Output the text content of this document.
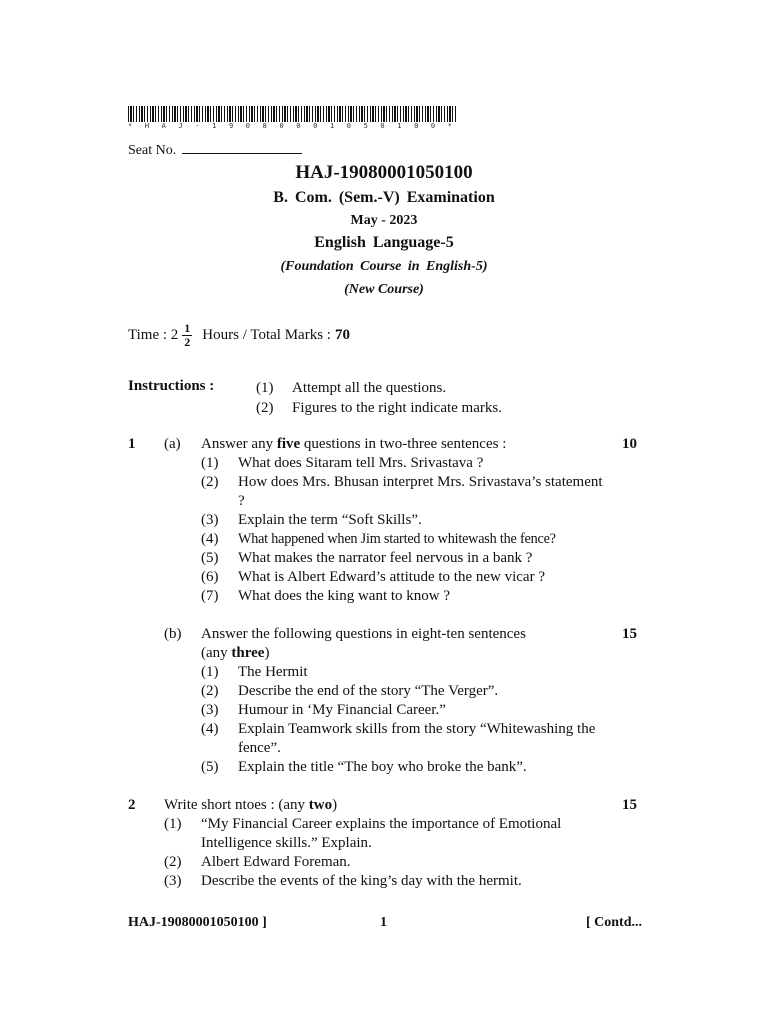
* H A J - 1 9 0 8 0 0 0 1 0 5 0 1 0 0 *
Seat No.
HAJ-19080001050100
B. Com. (Sem.-V) Examination
May - 2023
English Language-5
(Foundation Course in English-5)
(New Course)
Time : $2 \frac{1}{2}$ Hours / Total Marks : 70
Instructions :	(1)	Attempt all the questions.
(2)	Figures to the right indicate marks.
1 (a) Answer any five questions in two-three sentences :	10
(1)	What does Sitaram tell Mrs. Srivastava ?
(2)	How does Mrs. Bhusan interpret Mrs. Srivastava’s statement ?
(3)	Explain the term “Soft Skills”.
(4)	What happened when Jim started to whitewash the fence?
(5)	What makes the narrator feel nervous in a bank ?
(6)	What is Albert Edward’s attitude to the new vicar ?
(7)	What does the king want to know ?
(b) Answer the following questions in eight-ten sentences
(any three)
15
(1)	The Hermit
(2)	Describe the end of the story “The Verger”.
(3)	Humour in ‘My Financial Career.”
(4)	Explain Teamwork skills from the story “Whitewashing the fence”.
(5)	Explain the title “The boy who broke the bank”.
2 Write short ntoes : (any two)	15
(1)	“My Financial Career explains the importance of Emotional Intelligence skills.” Explain.
(2)	Albert Edward Foreman.
(3)	Describe the events of the king’s day with the hermit.
HAJ-19080001050100 ]	1	[ Contd...
